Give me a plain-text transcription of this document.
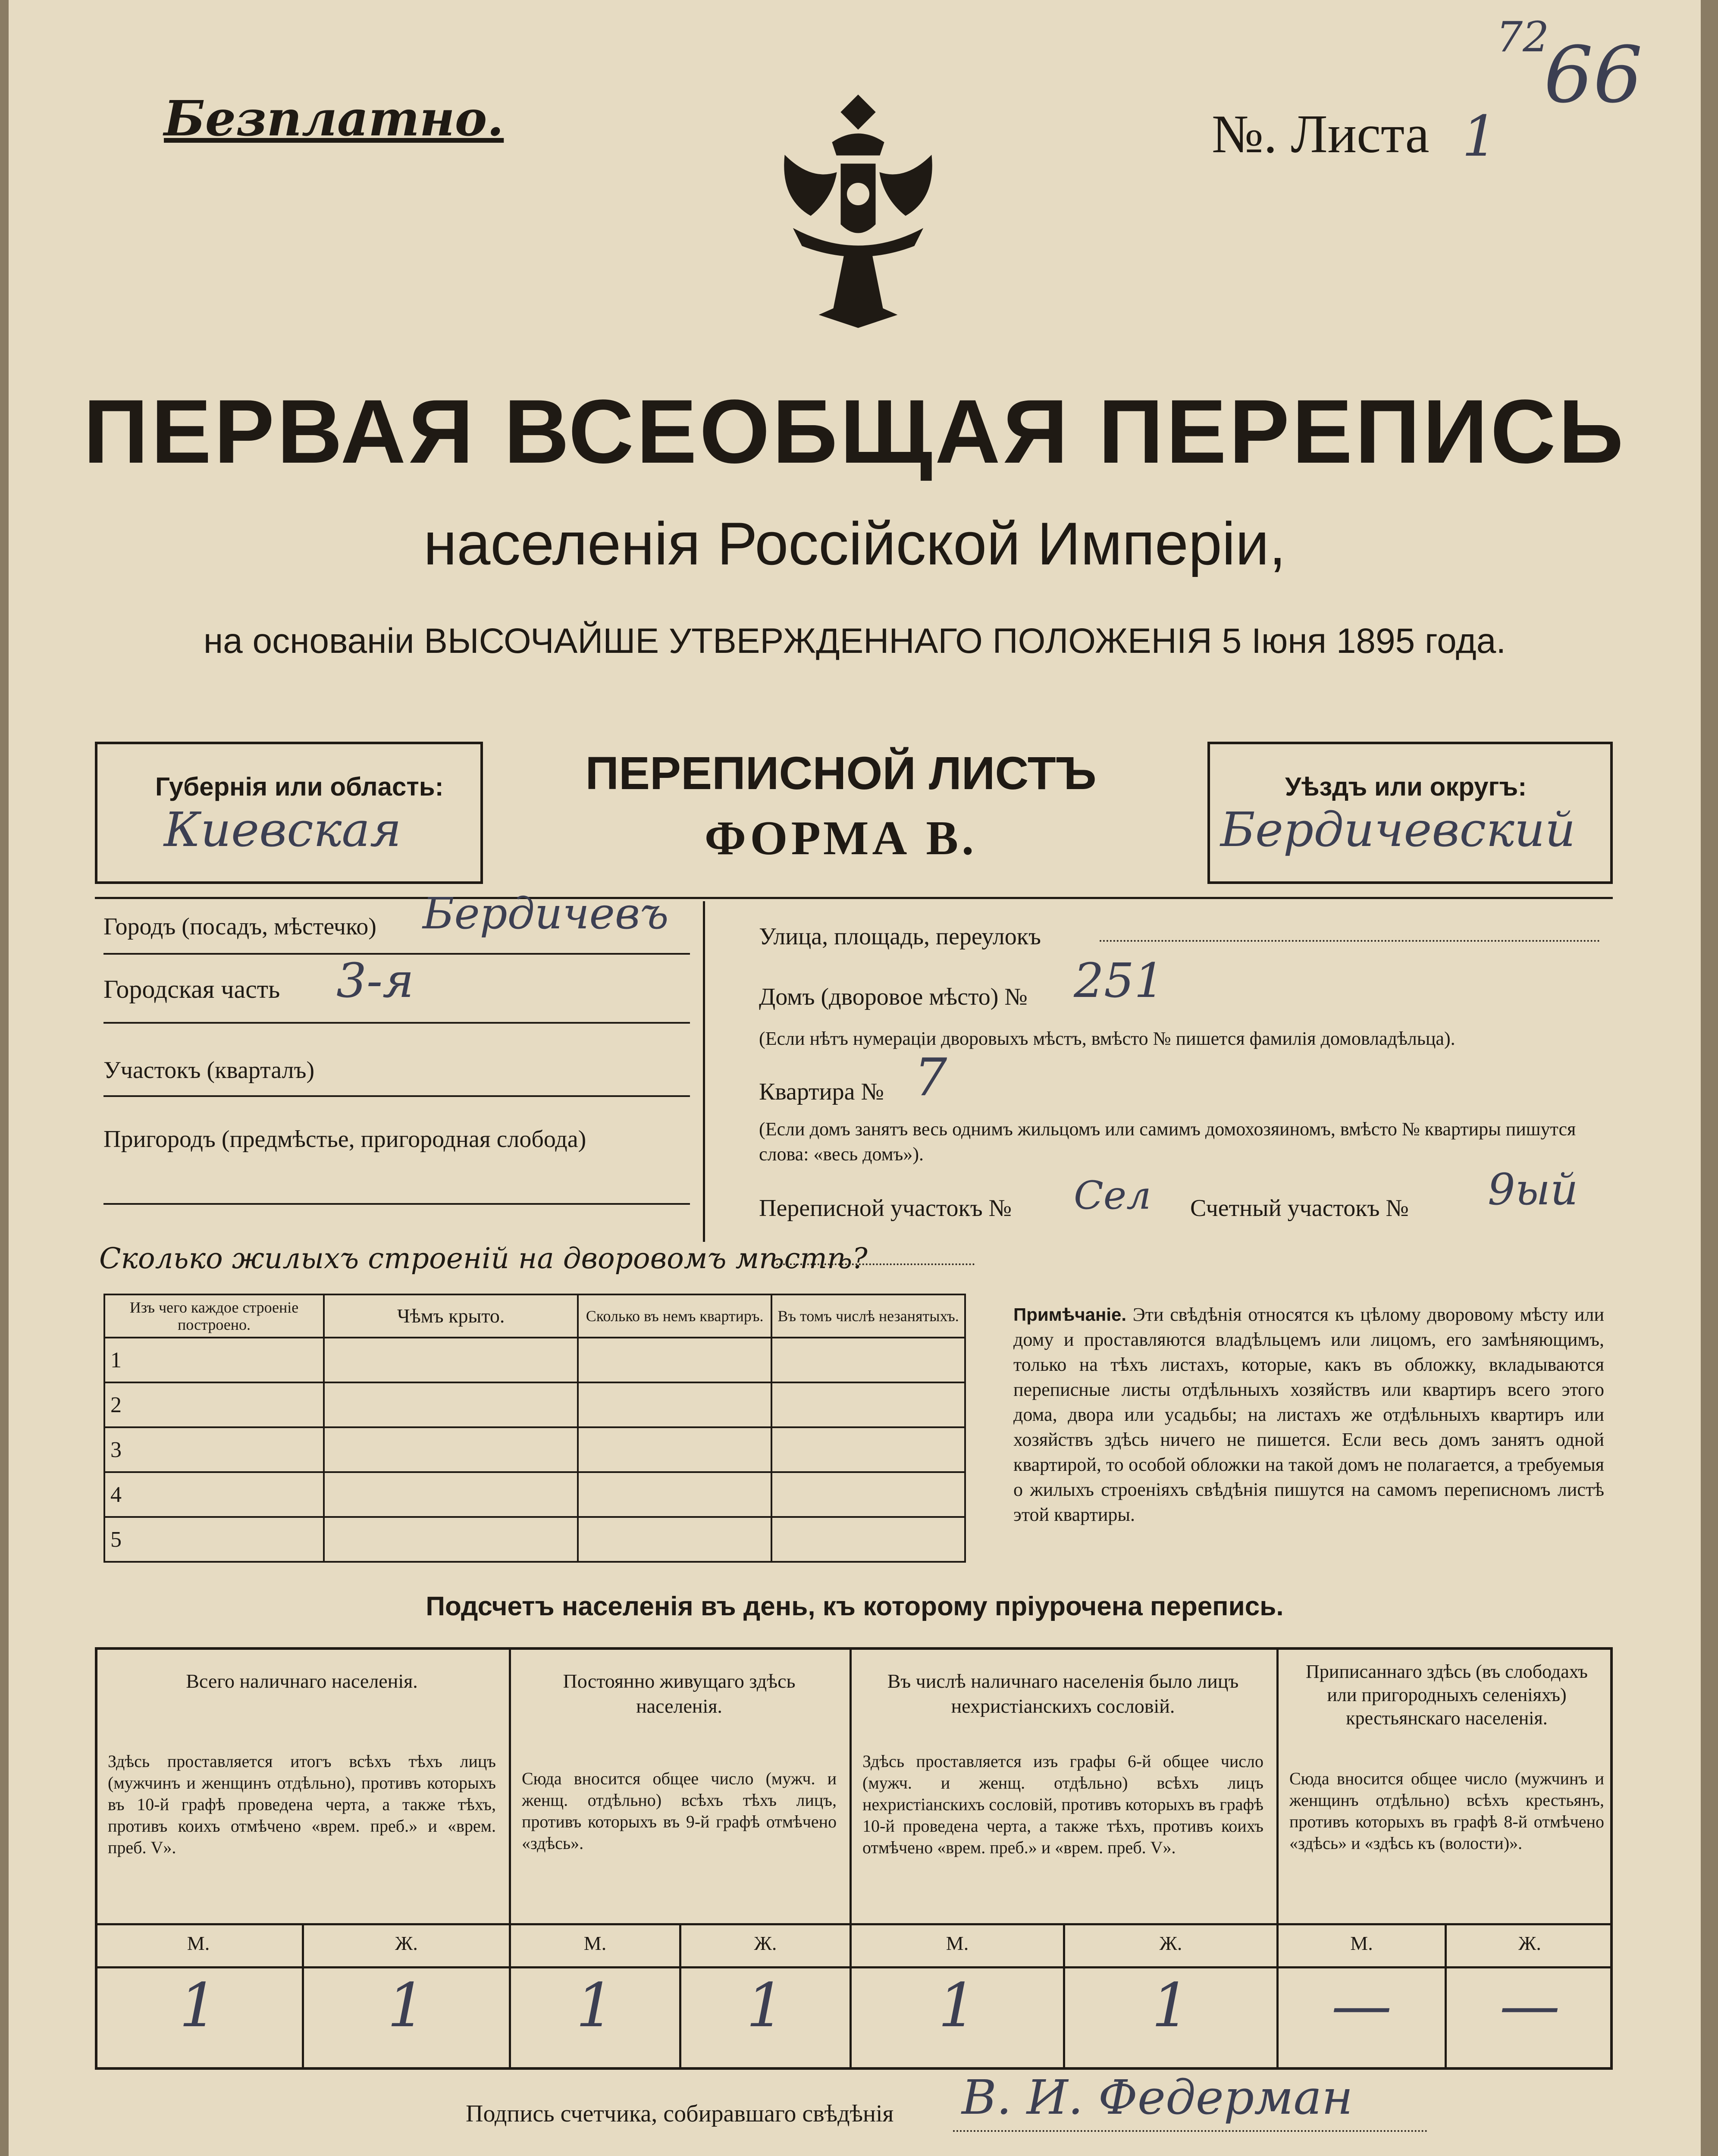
Безплатно.	№. Листа 1
72
66
ПЕРВАЯ ВСЕОБЩАЯ ПЕРЕПИСЬ
населенія Россійской Имперіи,
на основаніи ВЫСОЧАЙШЕ УТВЕРЖДЕННАГО ПОЛОЖЕНІЯ 5 Іюня 1895 года.
Губернія или область:
Киевская
ПЕРЕПИСНОЙ ЛИСТЪ
ФОРМА В.
Уѣздъ или округъ:
Бердичевский
Городъ (посадъ, мѣстечко) Бердичевъ
Городская часть 3-я
Участокъ (кварталъ)
Пригородъ (предмѣстье, пригородная слобода)
Улица, площадь, переулокъ
Домъ (дворовое мѣсто) № 251
(Если нѣтъ нумераціи дворовыхъ мѣстъ, вмѣсто № пишется фамилія домовладѣльца).
Квартира № 7
(Если домъ занятъ весь однимъ жильцомъ или самимъ домохозяиномъ, вмѣсто № квартиры пишутся слова: «весь домъ»).
Переписной участокъ № Сел Счетный участокъ № 9ый
Сколько жилыхъ строеній на дворовомъ мѣстѣ?
Изъ чего каждое строеніе построено.	Чѣмъ крыто.	Сколько въ немъ квартиръ.	Въ томъ числѣ незанятыхъ.
1			
2			
3			
4			
5			
Примѣчаніе. Эти свѣдѣнія относятся къ цѣлому дворовому мѣсту или дому и проставляются владѣльцемъ или лицомъ, его замѣняющимъ, только на тѣхъ листахъ, которые, какъ въ обложку, вкладываются переписные листы отдѣльныхъ хозяйствъ или квартиръ всего этого дома, двора или усадьбы; на листахъ же отдѣльныхъ квартиръ или хозяйствъ здѣсь ничего не пишется. Если весь домъ занятъ одной квартирой, то особой обложки на такой домъ не полагается, а требуемыя о жилыхъ строеніяхъ свѣдѣнія пишутся на самомъ переписномъ листѣ этой квартиры.
Подсчетъ населенія въ день, къ которому пріурочена перепись.
Всего наличнаго населенія.
Здѣсь проставляется итогъ всѣхъ тѣхъ лицъ (мужчинъ и женщинъ отдѣльно), противъ которыхъ въ 10-й графѣ проведена черта, а также тѣхъ, противъ коихъ отмѣчено «врем. преб.» и «врем. преб. V».
М.	Ж.
1	1
Постоянно живущаго здѣсь населенія.
Сюда вносится общее число (мужч. и женщ. отдѣльно) всѣхъ тѣхъ лицъ, противъ которыхъ въ 9-й графѣ отмѣчено «здѣсь».
М.	Ж.
1	1
Въ числѣ наличнаго населенія было лицъ нехристіанскихъ сословій.
Здѣсь проставляется изъ графы 6-й общее число (мужч. и женщ. отдѣльно) всѣхъ лицъ нехристіанскихъ сословій, противъ которыхъ въ графѣ 10-й проведена черта, а также тѣхъ, противъ коихъ отмѣчено «врем. преб.» и «врем. преб. V».
М.	Ж.
1	1
Приписаннаго здѣсь (въ слободахъ или пригородныхъ селеніяхъ) крестьянскаго населенія.
Сюда вносится общее число (мужчинъ и женщинъ отдѣльно) всѣхъ крестьянъ, противъ которыхъ въ графѣ 8-й отмѣчено «здѣсь» и «здѣсь къ (волости)».
М.	Ж.
—	—
Подпись счетчика, собиравшаго свѣдѣнія В. И. Федерман
